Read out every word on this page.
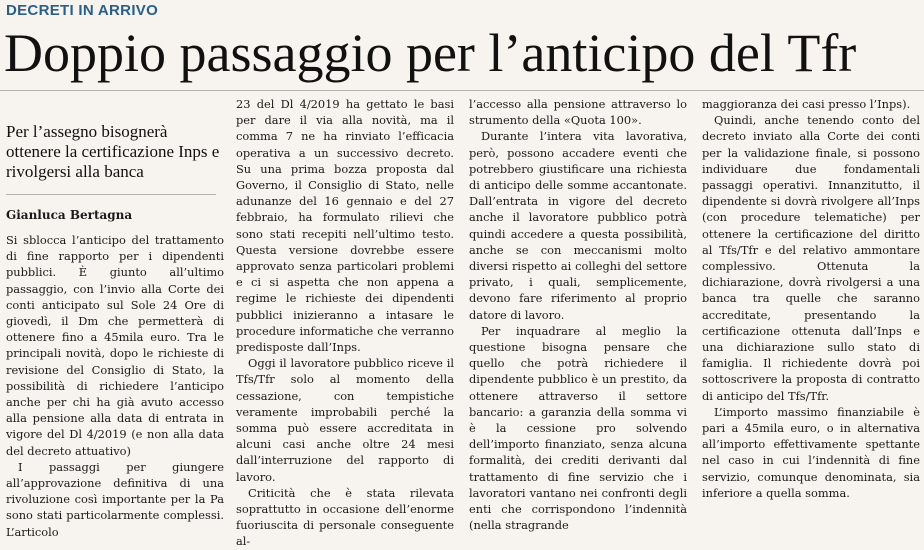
DECRETI IN ARRIVO

Doppio passaggio per l’anticipo del Tfr

Per l’assegno bisognerà ottenere la certificazione Inps e rivolgersi alla banca

Gianluca Bertagna

Si sblocca l’anticipo del trattamento di fine rapporto per i dipendenti pubblici. È giunto all’ultimo passaggio, con l’invio alla Corte dei conti anticipato sul Sole 24 Ore di giovedì, il Dm che permetterà di ottenere fino a 45mila euro. Tra le principali novità, dopo le richieste di revisione del Consiglio di Stato, la possibilità di richiedere l’anticipo anche per chi ha già avuto accesso alla pensione alla data di entrata in vigore del Dl 4/2019 (e non alla data del decreto attuativo)

I passaggi per giungere all’approvazione definitiva di una rivoluzione così importante per la Pa sono stati particolarmente complessi. L’articolo

23 del Dl 4/2019 ha gettato le basi per dare il via alla novità, ma il comma 7 ne ha rinviato l’efficacia operativa a un successivo decreto. Su una prima bozza proposta dal Governo, il Consiglio di Stato, nelle adunanze del 16 gennaio e del 27 febbraio, ha formulato rilievi che sono stati recepiti nell’ultimo testo. Questa versione dovrebbe essere approvato senza particolari problemi e ci si aspetta che non appena a regime le richieste dei dipendenti pubblici inizieranno a intasare le procedure informatiche che verranno predisposte dall’Inps.

Oggi il lavoratore pubblico riceve il Tfs/Tfr solo al momento della cessazione, con tempistiche veramente improbabili perché la somma può essere accreditata in alcuni casi anche oltre 24 mesi dall’interruzione del rapporto di lavoro.

Criticità che è stata rilevata soprattutto in occasione dell’enorme fuoriuscita di personale conseguente al-

l’accesso alla pensione attraverso lo strumento della «Quota 100».

Durante l’intera vita lavorativa, però, possono accadere eventi che potrebbero giustificare una richiesta di anticipo delle somme accantonate. Dall’entrata in vigore del decreto anche il lavoratore pubblico potrà quindi accedere a questa possibilità, anche se con meccanismi molto diversi rispetto ai colleghi del settore privato, i quali, semplicemente, devono fare riferimento al proprio datore di lavoro.

Per inquadrare al meglio la questione bisogna pensare che quello che potrà richiedere il dipendente pubblico è un prestito, da ottenere attraverso il settore bancario: a garanzia della somma vi è la cessione pro solvendo dell’importo finanziato, senza alcuna formalità, dei crediti derivanti dal trattamento di fine servizio che i lavoratori vantano nei confronti degli enti che corrispondono l’indennità (nella stragrande

maggioranza dei casi presso l’Inps).

Quindi, anche tenendo conto del decreto inviato alla Corte dei conti per la validazione finale, si possono individuare due fondamentali passaggi operativi. Innanzitutto, il dipendente si dovrà rivolgere all’Inps (con procedure telematiche) per ottenere la certificazione del diritto al Tfs/Tfr e del relativo ammontare complessivo. Ottenuta la dichiarazione, dovrà rivolgersi a una banca tra quelle che saranno accreditate, presentando la certificazione ottenuta dall’Inps e una dichiarazione sullo stato di famiglia. Il richiedente dovrà poi sottoscrivere la proposta di contratto di anticipo del Tfs/Tfr.

L’importo massimo finanziabile è pari a 45mila euro, o in alternativa all’importo effettivamente spettante nel caso in cui l’indennità di fine servizio, comunque denominata, sia inferiore a quella somma.
